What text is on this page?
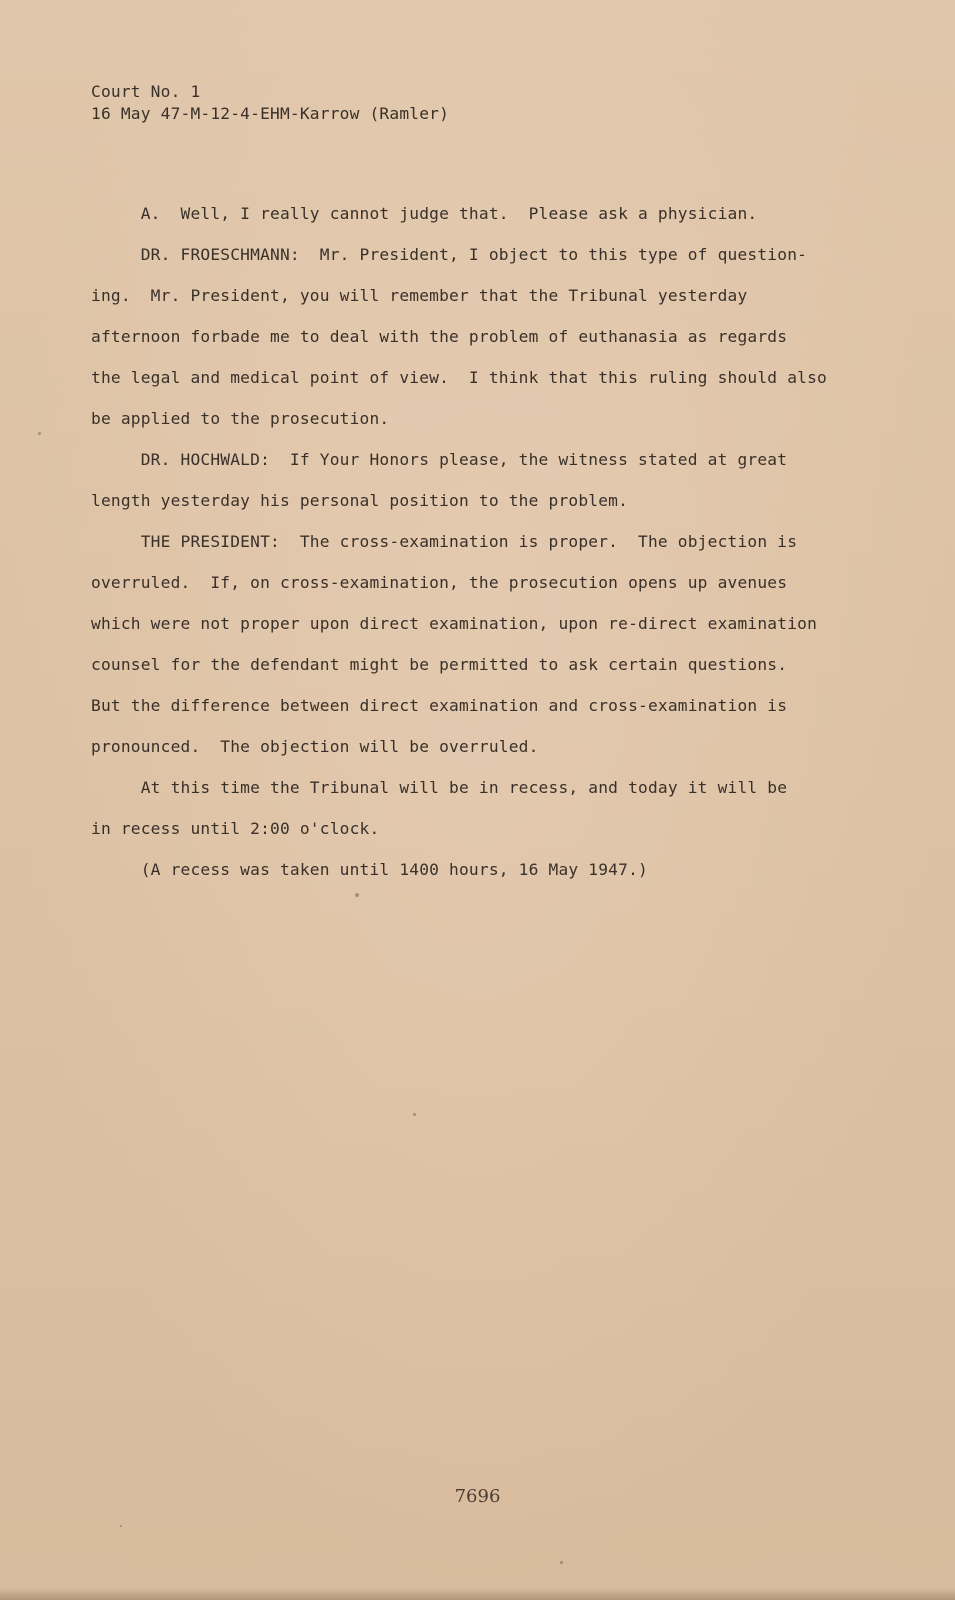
Court No. 1
16 May 47-M-12-4-EHM-Karrow (Ramler)
A.  Well, I really cannot judge that.  Please ask a physician.
DR. FROESCHMANN:  Mr. President, I object to this type of question-
ing.  Mr. President, you will remember that the Tribunal yesterday
afternoon forbade me to deal with the problem of euthanasia as regards
the legal and medical point of view.  I think that this ruling should also
be applied to the prosecution.
DR. HOCHWALD:  If Your Honors please, the witness stated at great
length yesterday his personal position to the problem.
THE PRESIDENT:  The cross-examination is proper.  The objection is
overruled.  If, on cross-examination, the prosecution opens up avenues
which were not proper upon direct examination, upon re-direct examination
counsel for the defendant might be permitted to ask certain questions.
But the difference between direct examination and cross-examination is
pronounced.  The objection will be overruled.
At this time the Tribunal will be in recess, and today it will be
in recess until 2:00 o'clock.
(A recess was taken until 1400 hours, 16 May 1947.)
7696
